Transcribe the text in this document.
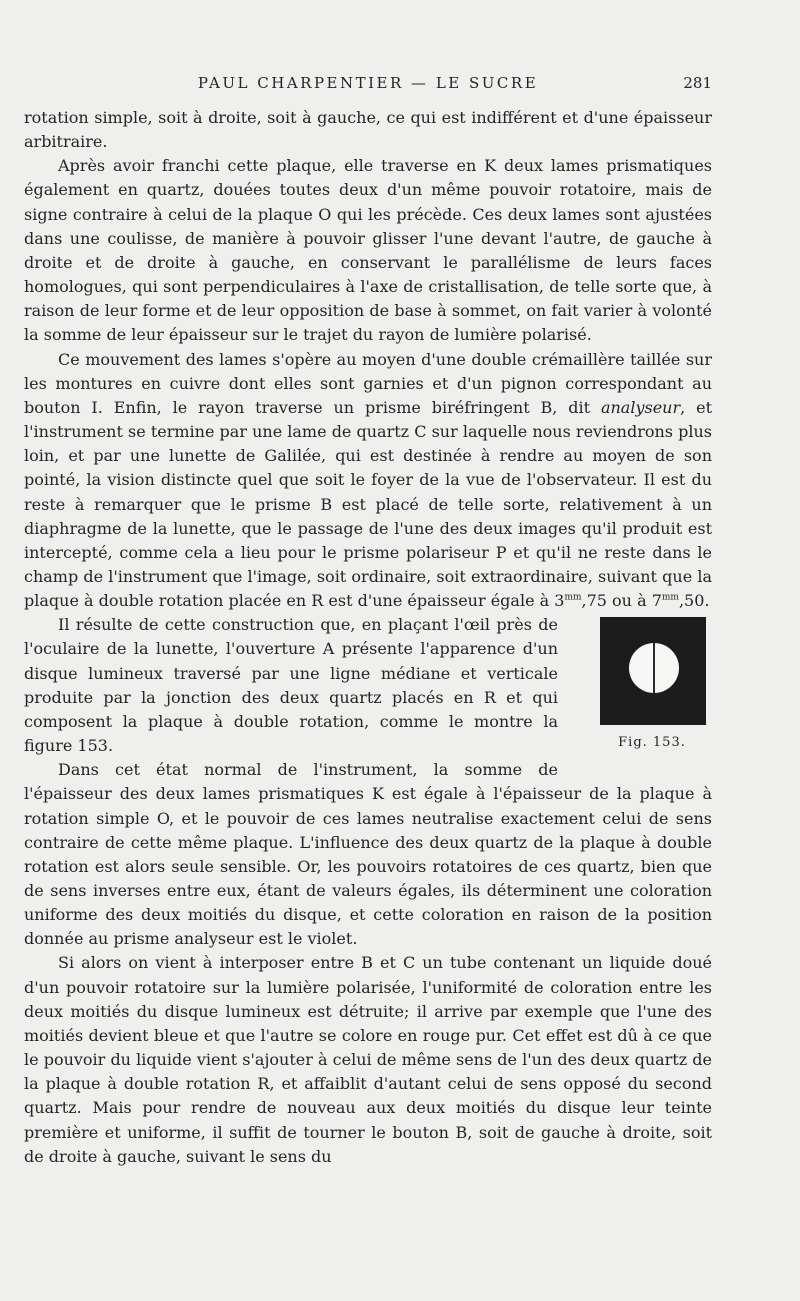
PAUL CHARPENTIER — LE SUCRE	281

rotation simple, soit à droite, soit à gauche, ce qui est indifférent et d'une épaisseur arbitraire.

Après avoir franchi cette plaque, elle traverse en K deux lames prismatiques également en quartz, douées toutes deux d'un même pouvoir rotatoire, mais de signe contraire à celui de la plaque O qui les précède. Ces deux lames sont ajustées dans une coulisse, de manière à pouvoir glisser l'une devant l'autre, de gauche à droite et de droite à gauche, en conservant le parallélisme de leurs faces homologues, qui sont perpendiculaires à l'axe de cristallisation, de telle sorte que, à raison de leur forme et de leur opposition de base à sommet, on fait varier à volonté la somme de leur épaisseur sur le trajet du rayon de lumière polarisé.

Ce mouvement des lames s'opère au moyen d'une double crémaillère taillée sur les montures en cuivre dont elles sont garnies et d'un pignon correspondant au bouton I. Enfin, le rayon traverse un prisme biréfringent B, dit analyseur, et l'instrument se termine par une lame de quartz C sur laquelle nous reviendrons plus loin, et par une lunette de Galilée, qui est destinée à rendre au moyen de son pointé, la vision distincte quel que soit le foyer de la vue de l'observateur. Il est du reste à remarquer que le prisme B est placé de telle sorte, relativement à un diaphragme de la lunette, que le passage de l'une des deux images qu'il produit est intercepté, comme cela a lieu pour le prisme polariseur P et qu'il ne reste dans le champ de l'instrument que l'image, soit ordinaire, soit extraordinaire, suivant que la plaque à double rotation placée en R est d'une épaisseur égale à $3^{mm},75$ ou à $7^{mm},50$.

Fig. 153.

Il résulte de cette construction que, en plaçant l'œil près de l'oculaire de la lunette, l'ouverture A présente l'apparence d'un disque lumineux traversé par une ligne médiane et verticale produite par la jonction des deux quartz placés en R et qui composent la plaque à double rotation, comme le montre la figure 153.

Dans cet état normal de l'instrument, la somme de l'épaisseur des deux lames prismatiques K est égale à l'épaisseur de la plaque à rotation simple O, et le pouvoir de ces lames neutralise exactement celui de sens contraire de cette même plaque. L'influence des deux quartz de la plaque à double rotation est alors seule sensible. Or, les pouvoirs rotatoires de ces quartz, bien que de sens inverses entre eux, étant de valeurs égales, ils déterminent une coloration uniforme des deux moitiés du disque, et cette coloration en raison de la position donnée au prisme analyseur est le violet.

Si alors on vient à interposer entre B et C un tube contenant un liquide doué d'un pouvoir rotatoire sur la lumière polarisée, l'uniformité de coloration entre les deux moitiés du disque lumineux est détruite; il arrive par exemple que l'une des moitiés devient bleue et que l'autre se colore en rouge pur. Cet effet est dû à ce que le pouvoir du liquide vient s'ajouter à celui de même sens de l'un des deux quartz de la plaque à double rotation R, et affaiblit d'autant celui de sens opposé du second quartz. Mais pour rendre de nouveau aux deux moitiés du disque leur teinte première et uniforme, il suffit de tourner le bouton B, soit de gauche à droite, soit de droite à gauche, suivant le sens du
